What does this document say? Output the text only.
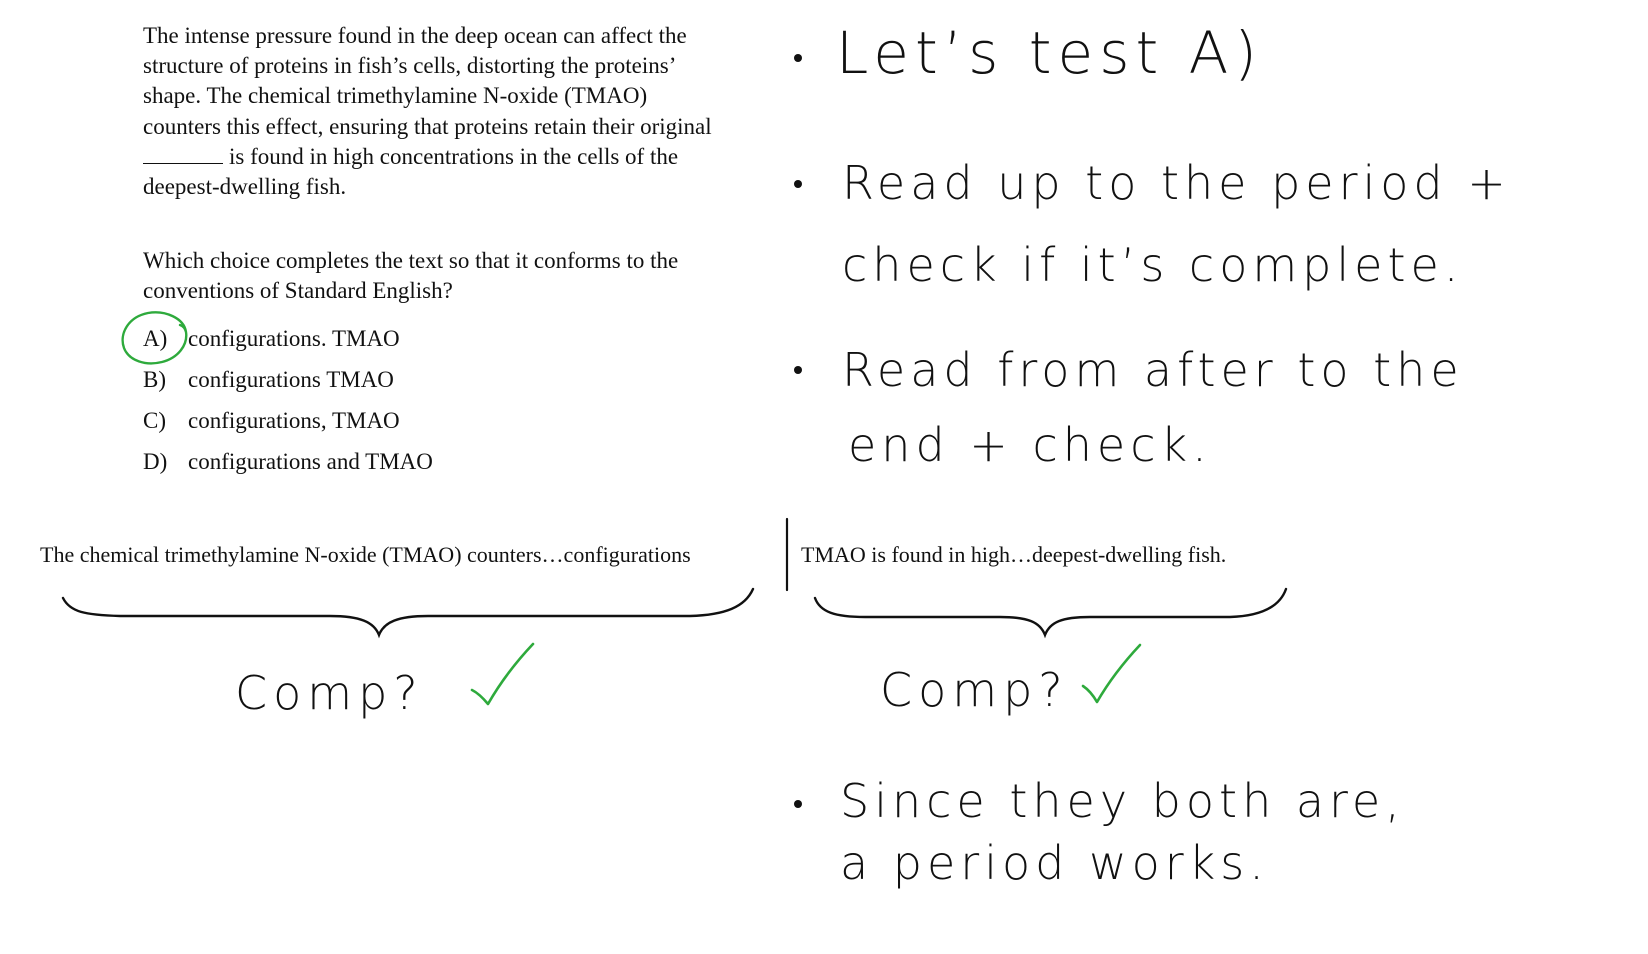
The intense pressure found in the deep ocean can affect the structure of proteins in fish’s cells, distorting the proteins’ shape. The chemical trimethylamine N-oxide (TMAO) counters this effect, ensuring that proteins retain their original
is found in high concentrations in the cells of the deepest-dwelling fish.

Which choice completes the text so that it conforms to the conventions of Standard English?

A) configurations. TMAO
B) configurations TMAO
C) configurations, TMAO
D) configurations and TMAO
The chemical trimethylamine N-oxide (TMAO) counters…configurations	TMAO is found in high…deepest-dwelling fish.
Let’s test A)
Read up to the period +
check if it’s complete.
Read from after to the
end + check.
Since they both are,
a period works.
Comp?	Comp?
